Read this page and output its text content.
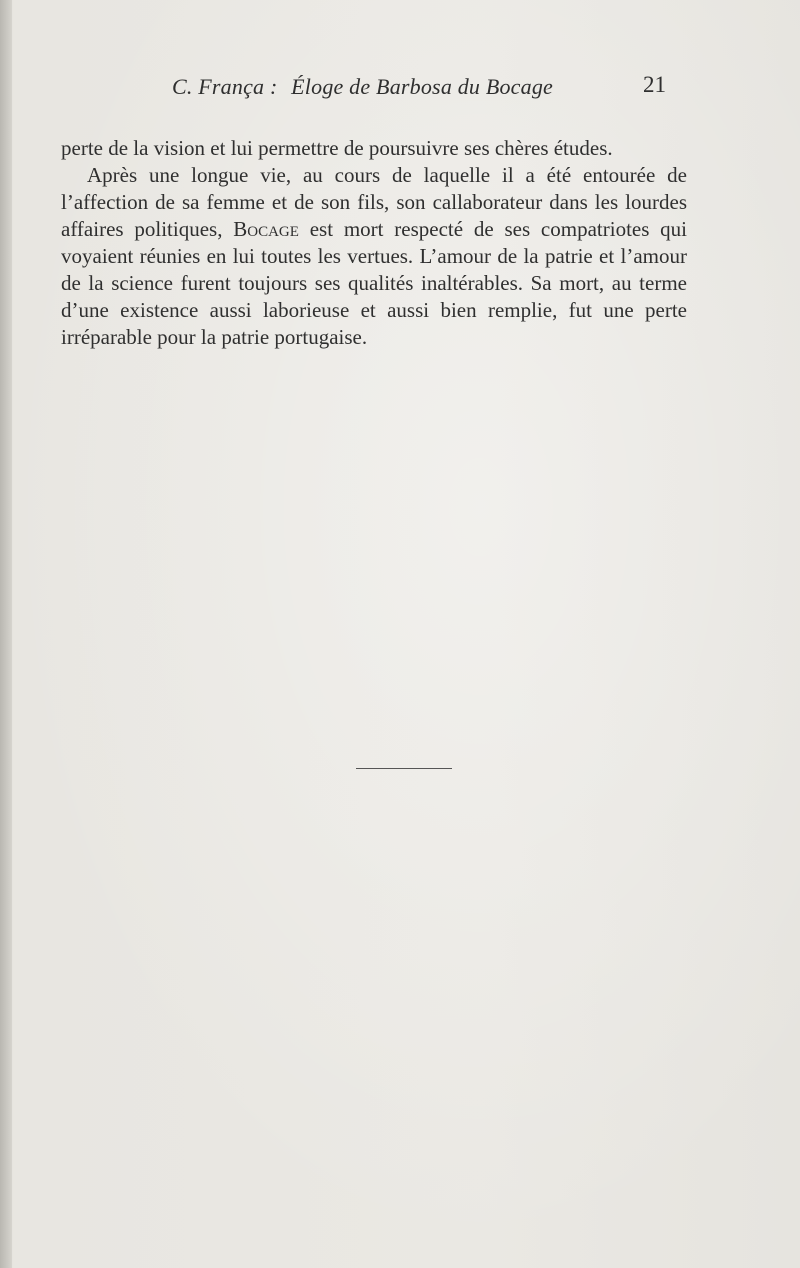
C. França : Éloge de Barbosa du Bocage	21

perte de la vision et lui permettre de poursuivre ses chères études.

Après une longue vie, au cours de laquelle il a été entourée de l’affection de sa femme et de son fils, son callaborateur dans les lourdes affaires politiques, Bocage est mort respecté de ses compatriotes qui voyaient réunies en lui toutes les vertues. L’amour de la patrie et l’amour de la science furent toujours ses qualités inaltérables. Sa mort, au terme d’une existence aussi laborieuse et aussi bien remplie, fut une perte irréparable pour la patrie portugaise.
